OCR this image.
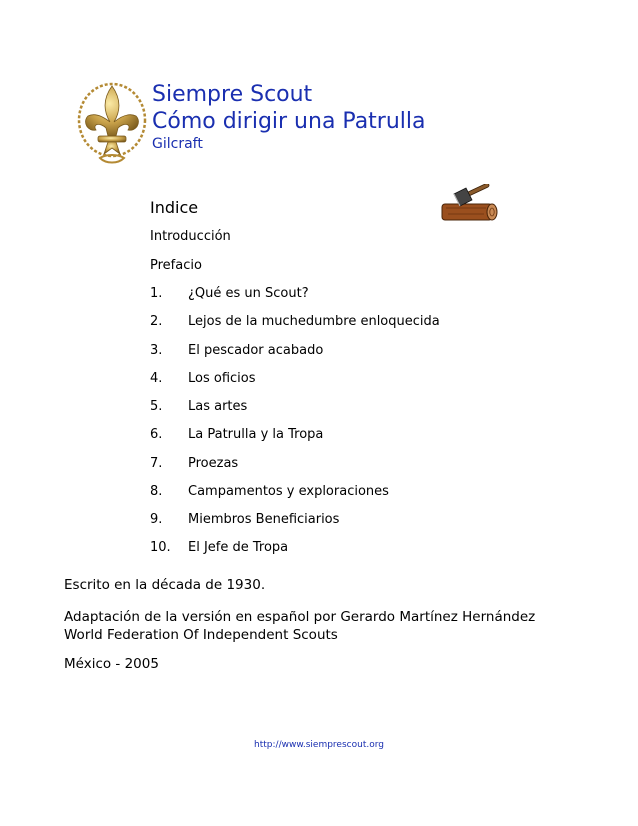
Siempre Scout
Cómo dirigir una Patrulla
Gilcraft
Indice
Introducción
Prefacio
1. ¿Qué es un Scout?
2. Lejos de la muchedumbre enloquecida
3. El pescador acabado
4. Los oficios
5. Las artes
6. La Patrulla y la Tropa
7. Proezas
8. Campamentos y exploraciones
9. Miembros Beneficiarios
10. El Jefe de Tropa
Escrito en la década de 1930.
Adaptación de la versión en español por Gerardo Martínez Hernández
World Federation Of Independent Scouts
México - 2005
http://www.siemprescout.org
